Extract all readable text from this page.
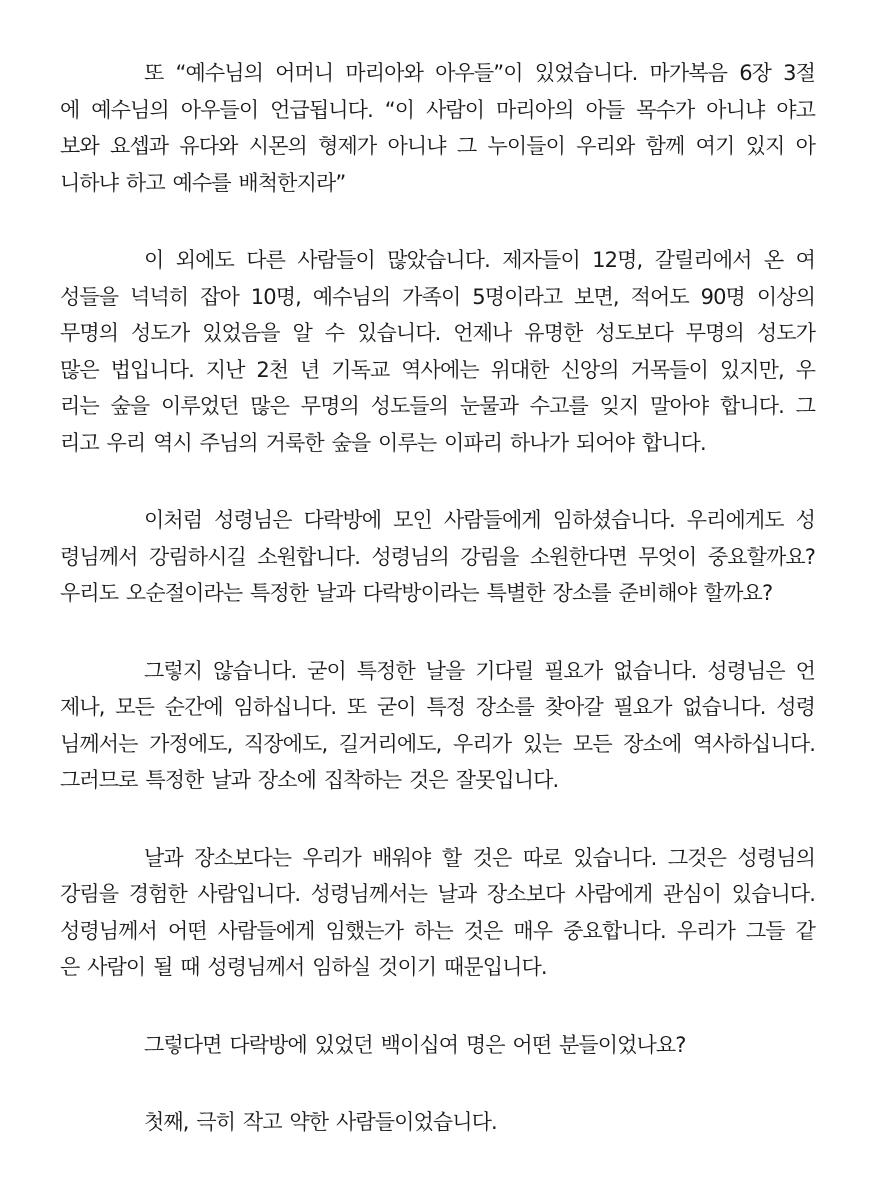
또 “예수님의 어머니 마리아와 아우들”이 있었습니다. 마가복음 6장 3절
에 예수님의 아우들이 언급됩니다. “이 사람이 마리아의 아들 목수가 아니냐 야고
보와 요셉과 유다와 시몬의 형제가 아니냐 그 누이들이 우리와 함께 여기 있지 아
니하냐 하고 예수를 배척한지라”

이 외에도 다른 사람들이 많았습니다. 제자들이 12명, 갈릴리에서 온 여
성들을 넉넉히 잡아 10명, 예수님의 가족이 5명이라고 보면, 적어도 90명 이상의
무명의 성도가 있었음을 알 수 있습니다. 언제나 유명한 성도보다 무명의 성도가
많은 법입니다. 지난 2천 년 기독교 역사에는 위대한 신앙의 거목들이 있지만, 우
리는 숲을 이루었던 많은 무명의 성도들의 눈물과 수고를 잊지 말아야 합니다. 그
리고 우리 역시 주님의 거룩한 숲을 이루는 이파리 하나가 되어야 합니다.

이처럼 성령님은 다락방에 모인 사람들에게 임하셨습니다. 우리에게도 성
령님께서 강림하시길 소원합니다. 성령님의 강림을 소원한다면 무엇이 중요할까요?
우리도 오순절이라는 특정한 날과 다락방이라는 특별한 장소를 준비해야 할까요?

그렇지 않습니다. 굳이 특정한 날을 기다릴 필요가 없습니다. 성령님은 언
제나, 모든 순간에 임하십니다. 또 굳이 특정 장소를 찾아갈 필요가 없습니다. 성령
님께서는 가정에도, 직장에도, 길거리에도, 우리가 있는 모든 장소에 역사하십니다.
그러므로 특정한 날과 장소에 집착하는 것은 잘못입니다.

날과 장소보다는 우리가 배워야 할 것은 따로 있습니다. 그것은 성령님의
강림을 경험한 사람입니다. 성령님께서는 날과 장소보다 사람에게 관심이 있습니다.
성령님께서 어떤 사람들에게 임했는가 하는 것은 매우 중요합니다. 우리가 그들 같
은 사람이 될 때 성령님께서 임하실 것이기 때문입니다.

그렇다면 다락방에 있었던 백이십여 명은 어떤 분들이었나요?

첫째, 극히 작고 약한 사람들이었습니다.
